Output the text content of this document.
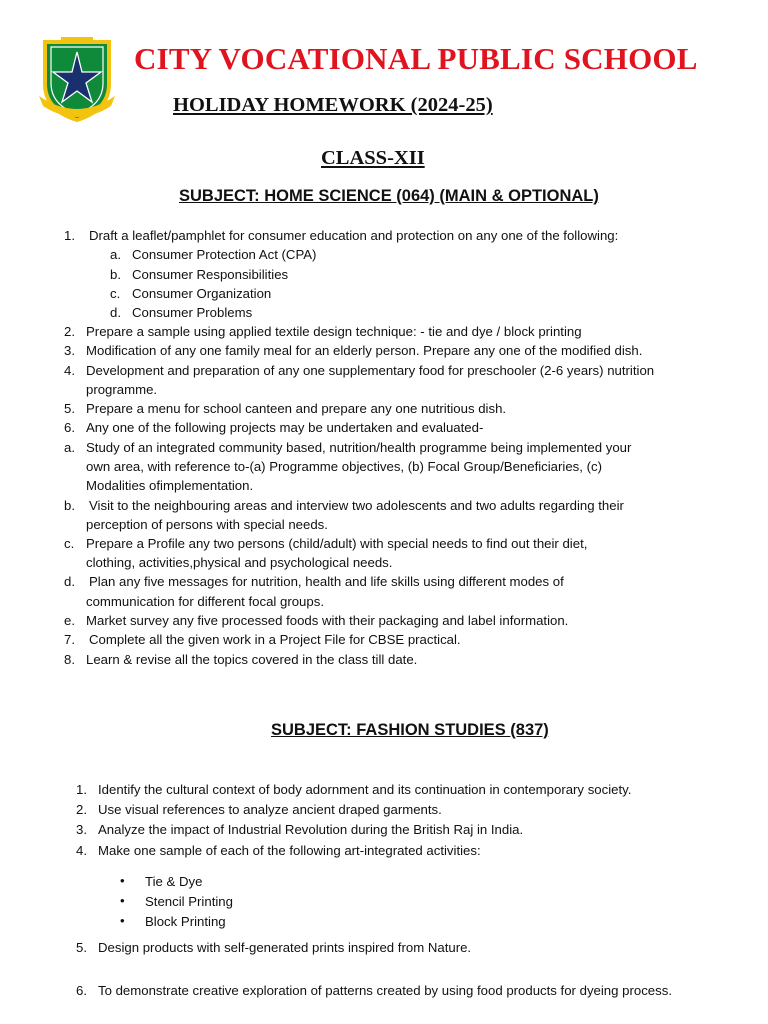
CITY VOCATIONAL PUBLIC SCHOOL
HOLIDAY HOMEWORK (2024-25)
CLASS-XII
SUBJECT: HOME SCIENCE (064) (MAIN & OPTIONAL)
1. Draft a leaflet/pamphlet for consumer education and protection on any one of the following:
a. Consumer Protection Act (CPA)
b. Consumer Responsibilities
c. Consumer Organization
d. Consumer Problems
2. Prepare a sample using applied textile design technique: - tie and dye / block printing
3. Modification of any one family meal for an elderly person. Prepare any one of the modified dish.
4. Development and preparation of any one supplementary food for preschooler (2-6 years) nutrition
programme.
5. Prepare a menu for school canteen and prepare any one nutritious dish.
6. Any one of the following projects may be undertaken and evaluated-
a. Study of an integrated community based, nutrition/health programme being implemented your
own area, with reference to-(a) Programme objectives, (b) Focal Group/Beneficiaries, (c)
Modalities ofimplementation.
b. Visit to the neighbouring areas and interview two adolescents and two adults regarding their
perception of persons with special needs.
c. Prepare a Profile any two persons (child/adult) with special needs to find out their diet,
clothing, activities,physical and psychological needs.
d. Plan any five messages for nutrition, health and life skills using different modes of
communication for different focal groups.
e. Market survey any five processed foods with their packaging and label information.
7. Complete all the given work in a Project File for CBSE practical.
8. Learn & revise all the topics covered in the class till date.
SUBJECT: FASHION STUDIES (837)
1. Identify the cultural context of body adornment and its continuation in contemporary society.
2. Use visual references to analyze ancient draped garments.
3. Analyze the impact of Industrial Revolution during the British Raj in India.
4. Make one sample of each of the following art-integrated activities:
• Tie & Dye
• Stencil Printing
• Block Printing
5. Design products with self-generated prints inspired from Nature.
6. To demonstrate creative exploration of patterns created by using food products for dyeing process.
